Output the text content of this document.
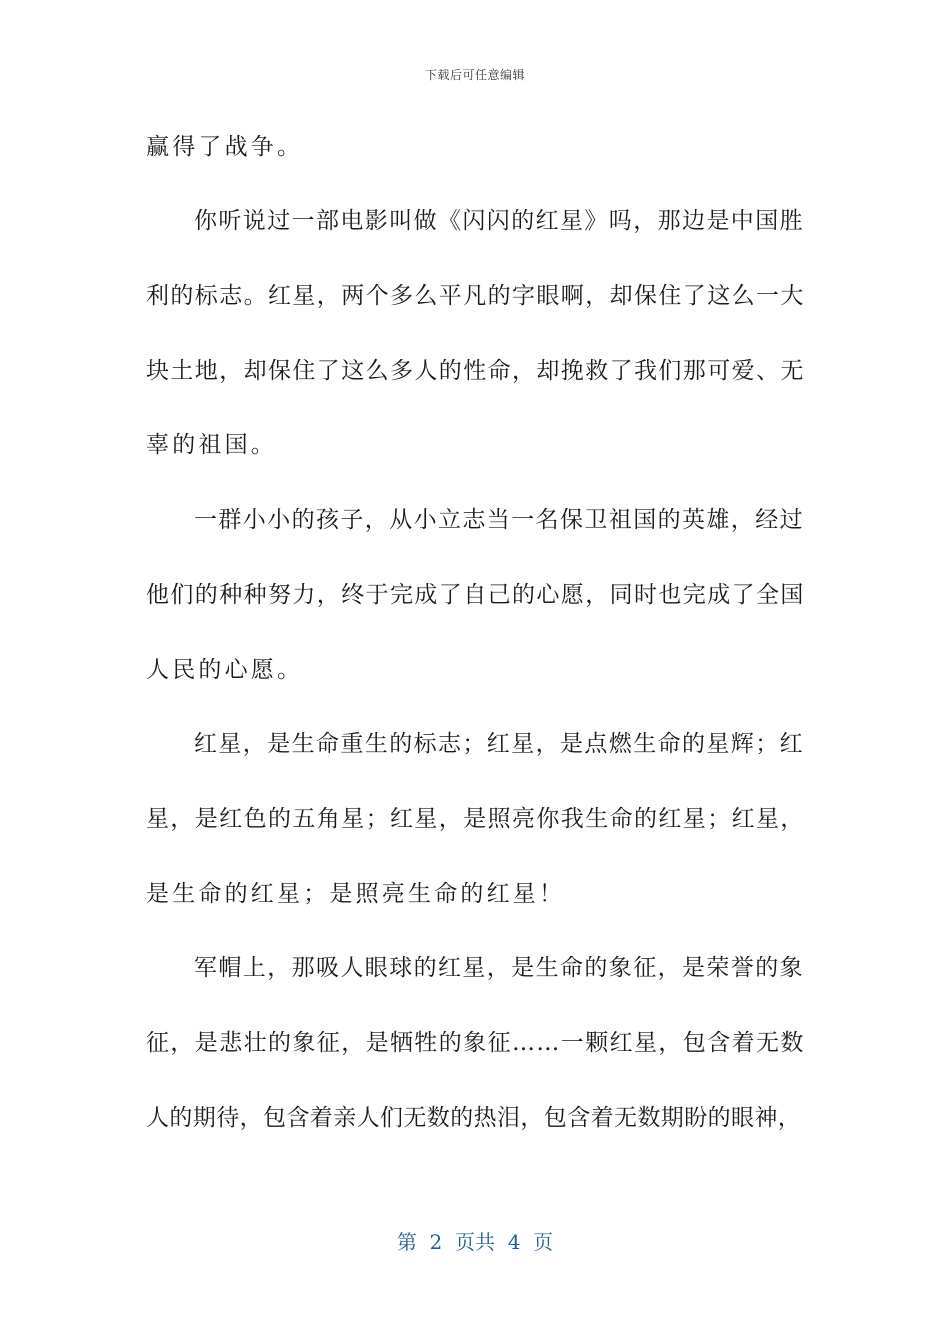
下载后可任意编辑
赢得了战争。
你听说过一部电影叫做《闪闪的红星》吗，那边是中国胜
利的标志。红星，两个多么平凡的字眼啊，却保住了这么一大
块土地，却保住了这么多人的性命，却挽救了我们那可爱、无
辜的祖国。
一群小小的孩子，从小立志当一名保卫祖国的英雄，经过
他们的种种努力，终于完成了自己的心愿，同时也完成了全国
人民的心愿。
红星，是生命重生的标志；红星，是点燃生命的星辉；红
星，是红色的五角星；红星，是照亮你我生命的红星；红星，
是生命的红星；是照亮生命的红星！
军帽上，那吸人眼球的红星，是生命的象征，是荣誉的象
征，是悲壮的象征，是牺牲的象征……一颗红星，包含着无数
人的期待，包含着亲人们无数的热泪，包含着无数期盼的眼神，
第  2  页共  4  页
